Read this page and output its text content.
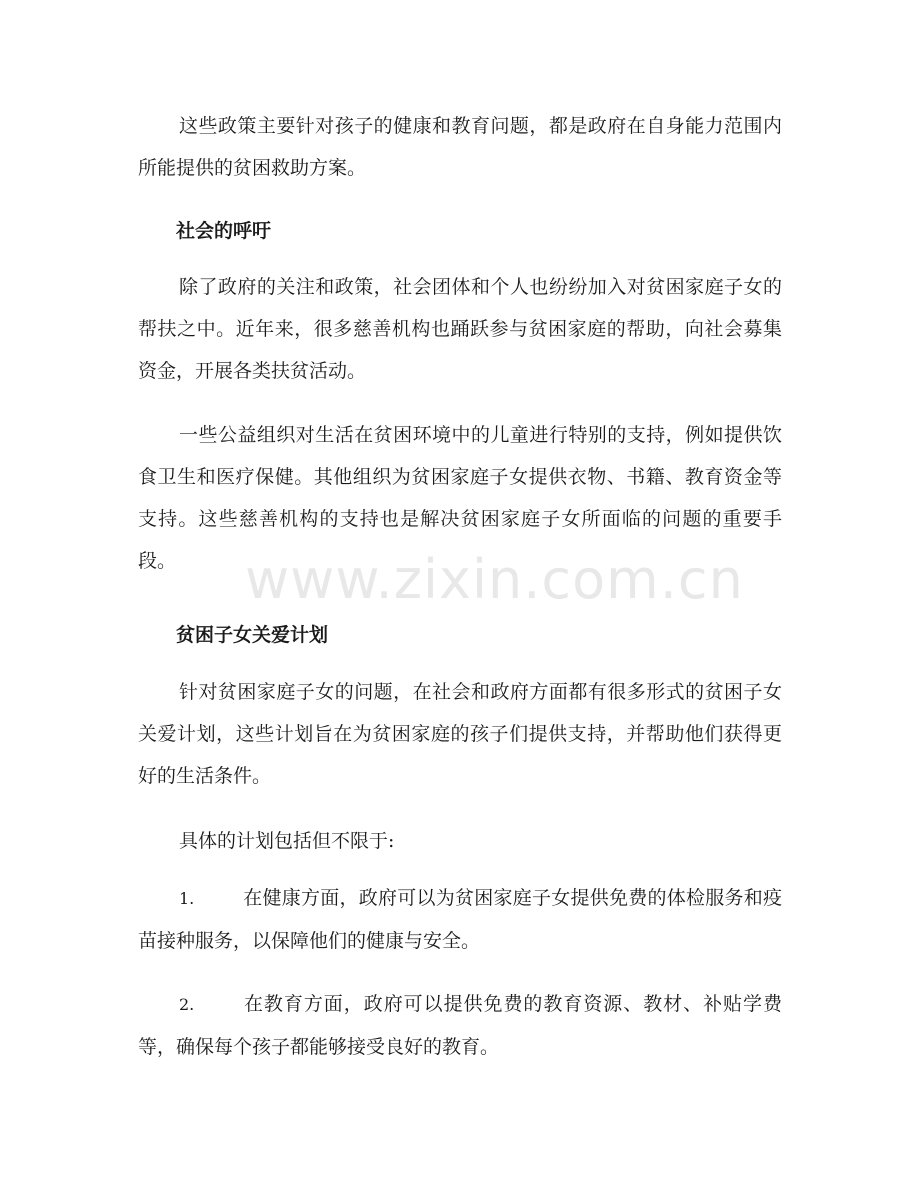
这些政策主要针对孩子的健康和教育问题，都是政府在自身能力范围内所能提供的贫困救助方案。

社会的呼吁

除了政府的关注和政策，社会团体和个人也纷纷加入对贫困家庭子女的帮扶之中。近年来，很多慈善机构也踊跃参与贫困家庭的帮助，向社会募集资金，开展各类扶贫活动。

一些公益组织对生活在贫困环境中的儿童进行特别的支持，例如提供饮食卫生和医疗保健。其他组织为贫困家庭子女提供衣物、书籍、教育资金等支持。这些慈善机构的支持也是解决贫困家庭子女所面临的问题的重要手段。

贫困子女关爱计划

针对贫困家庭子女的问题，在社会和政府方面都有很多形式的贫困子女关爱计划，这些计划旨在为贫困家庭的孩子们提供支持，并帮助他们获得更好的生活条件。

具体的计划包括但不限于:

1.	在健康方面，政府可以为贫困家庭子女提供免费的体检服务和疫苗接种服务，以保障他们的健康与安全。

2.	在教育方面，政府可以提供免费的教育资源、教材、补贴学费等，确保每个孩子都能够接受良好的教育。

www.zixin.com.cn
